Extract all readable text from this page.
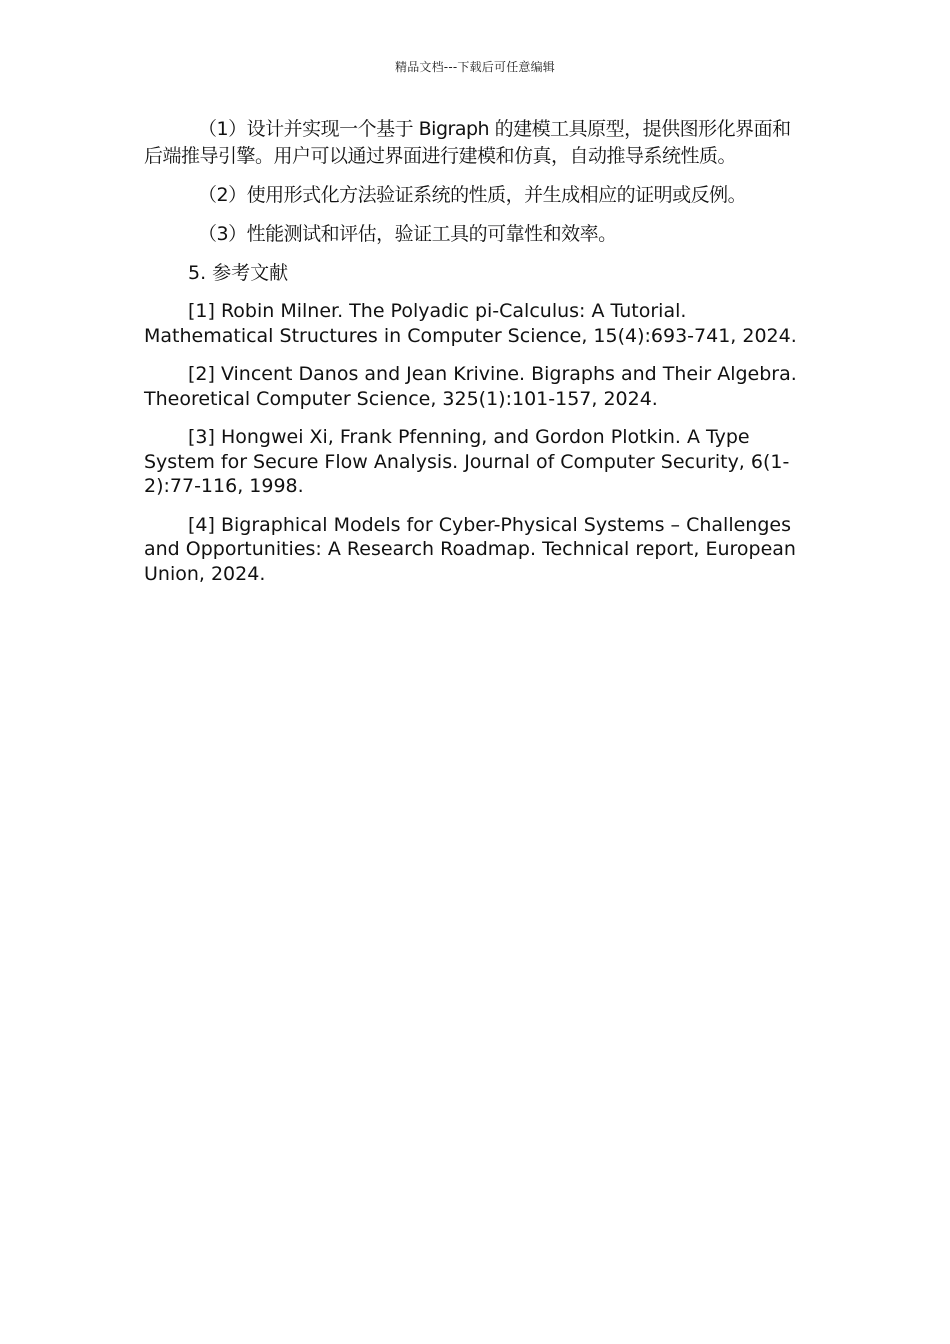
精品文档---下载后可任意编辑

（1）设计并实现一个基于 Bigraph 的建模工具原型，提供图形化界面和后端推导引擎。用户可以通过界面进行建模和仿真，自动推导系统性质。

（2）使用形式化方法验证系统的性质，并生成相应的证明或反例。

（3）性能测试和评估，验证工具的可靠性和效率。

5. 参考文献

[1] Robin Milner. The Polyadic pi-Calculus: A Tutorial. Mathematical Structures in Computer Science, 15(4):693-741, 2024.

[2] Vincent Danos and Jean Krivine. Bigraphs and Their Algebra. Theoretical Computer Science, 325(1):101-157, 2024.

[3] Hongwei Xi, Frank Pfenning, and Gordon Plotkin. A Type System for Secure Flow Analysis. Journal of Computer Security, 6(1-2):77-116, 1998.

[4] Bigraphical Models for Cyber-Physical Systems – Challenges and Opportunities: A Research Roadmap. Technical report, European Union, 2024.
